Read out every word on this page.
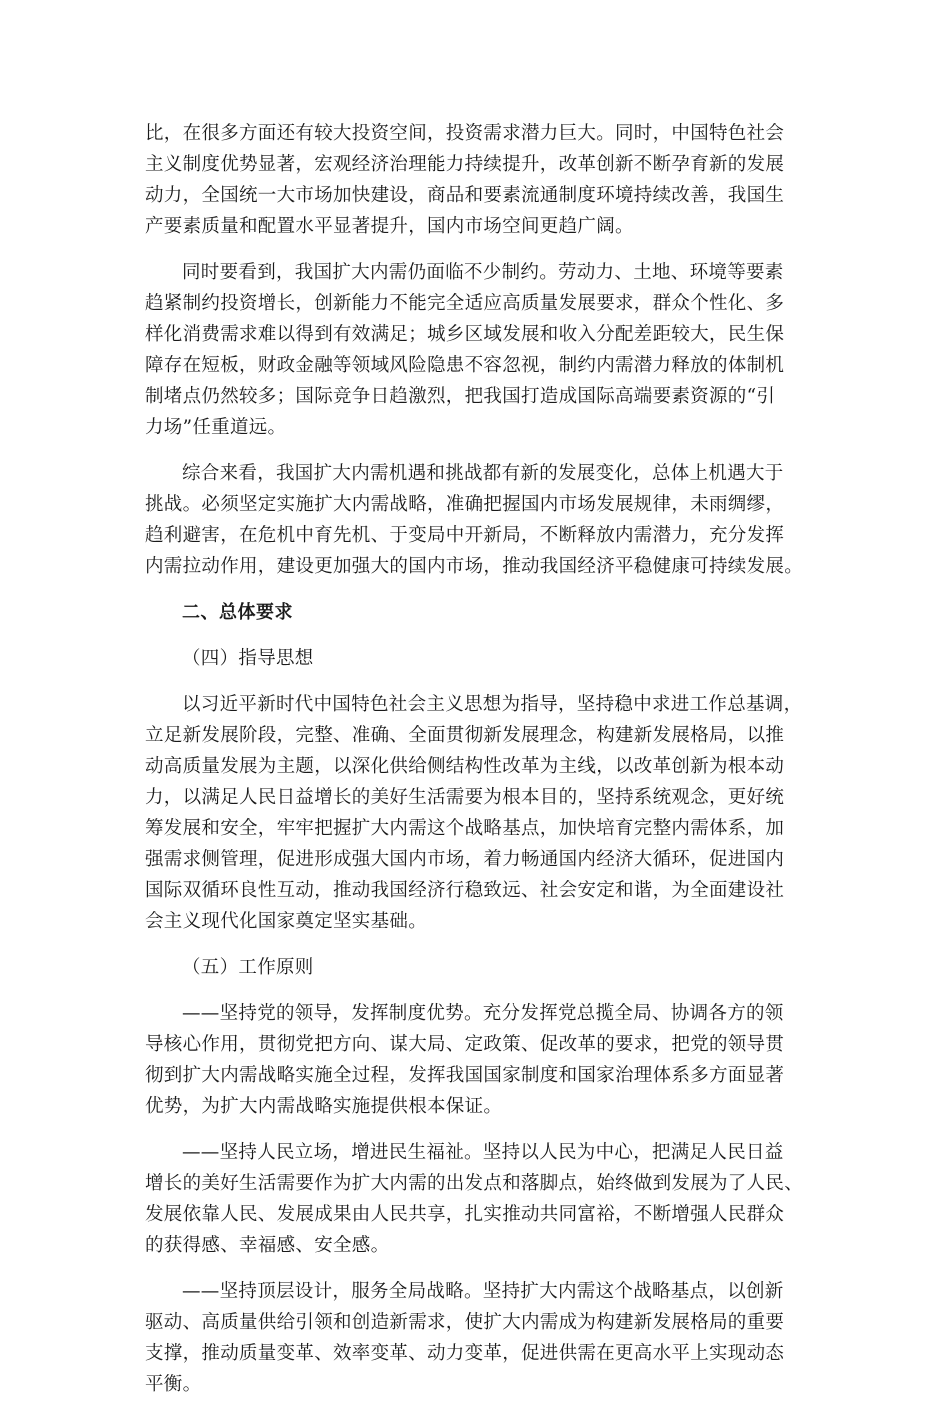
比，在很多方面还有较大投资空间，投资需求潜力巨大。同时，中国特色社会
主义制度优势显著，宏观经济治理能力持续提升，改革创新不断孕育新的发展
动力，全国统一大市场加快建设，商品和要素流通制度环境持续改善，我国生
产要素质量和配置水平显著提升，国内市场空间更趋广阔。

同时要看到，我国扩大内需仍面临不少制约。劳动力、土地、环境等要素
趋紧制约投资增长，创新能力不能完全适应高质量发展要求，群众个性化、多
样化消费需求难以得到有效满足；城乡区域发展和收入分配差距较大，民生保
障存在短板，财政金融等领域风险隐患不容忽视，制约内需潜力释放的体制机
制堵点仍然较多；国际竞争日趋激烈，把我国打造成国际高端要素资源的“引
力场”任重道远。

综合来看，我国扩大内需机遇和挑战都有新的发展变化，总体上机遇大于
挑战。必须坚定实施扩大内需战略，准确把握国内市场发展规律，未雨绸缪，
趋利避害，在危机中育先机、于变局中开新局，不断释放内需潜力，充分发挥
内需拉动作用，建设更加强大的国内市场，推动我国经济平稳健康可持续发展。

二、总体要求

（四）指导思想

以习近平新时代中国特色社会主义思想为指导，坚持稳中求进工作总基调，
立足新发展阶段，完整、准确、全面贯彻新发展理念，构建新发展格局，以推
动高质量发展为主题，以深化供给侧结构性改革为主线，以改革创新为根本动
力，以满足人民日益增长的美好生活需要为根本目的，坚持系统观念，更好统
筹发展和安全，牢牢把握扩大内需这个战略基点，加快培育完整内需体系，加
强需求侧管理，促进形成强大国内市场，着力畅通国内经济大循环，促进国内
国际双循环良性互动，推动我国经济行稳致远、社会安定和谐，为全面建设社
会主义现代化国家奠定坚实基础。

（五）工作原则

——坚持党的领导，发挥制度优势。充分发挥党总揽全局、协调各方的领
导核心作用，贯彻党把方向、谋大局、定政策、促改革的要求，把党的领导贯
彻到扩大内需战略实施全过程，发挥我国国家制度和国家治理体系多方面显著
优势，为扩大内需战略实施提供根本保证。

——坚持人民立场，增进民生福祉。坚持以人民为中心，把满足人民日益
增长的美好生活需要作为扩大内需的出发点和落脚点，始终做到发展为了人民、
发展依靠人民、发展成果由人民共享，扎实推动共同富裕，不断增强人民群众
的获得感、幸福感、安全感。

——坚持顶层设计，服务全局战略。坚持扩大内需这个战略基点，以创新
驱动、高质量供给引领和创造新需求，使扩大内需成为构建新发展格局的重要
支撑，推动质量变革、效率变革、动力变革，促进供需在更高水平上实现动态
平衡。
